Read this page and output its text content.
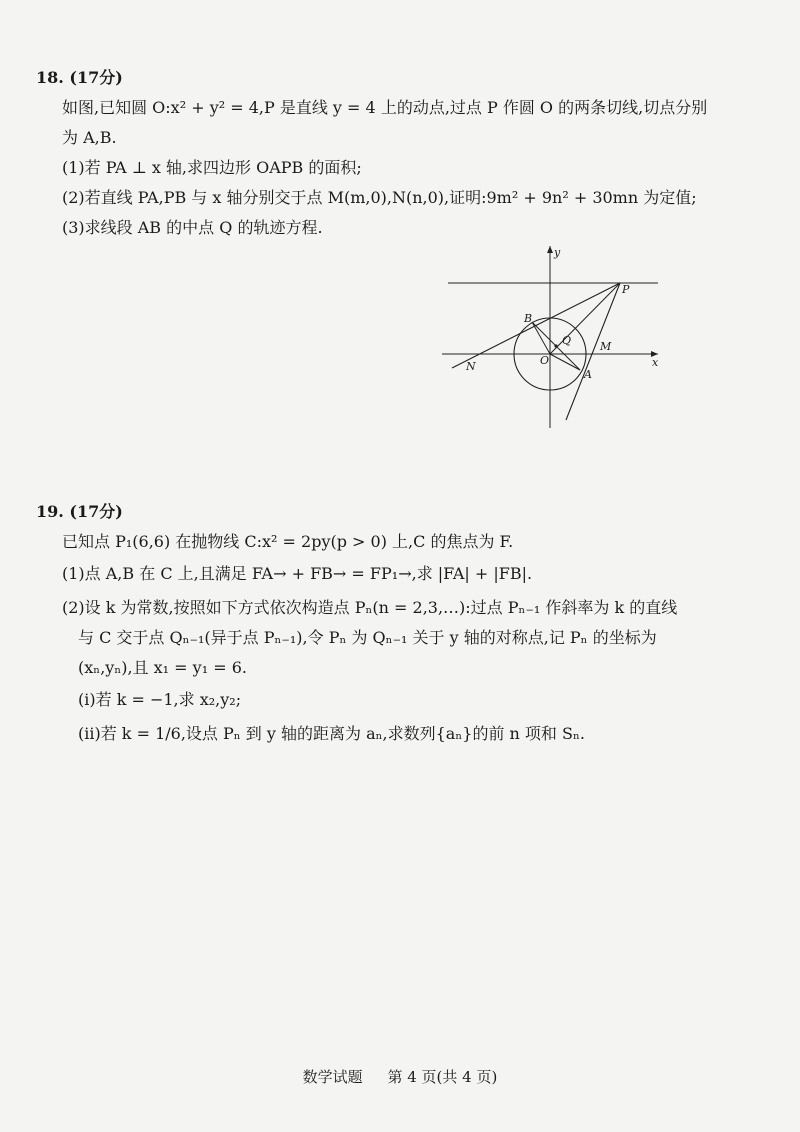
18. (17分)
如图,已知圆 O:x² + y² = 4,P 是直线 y = 4 上的动点,过点 P 作圆 O 的两条切线,切点分别
为 A,B.
(1)若 PA ⊥ x 轴,求四边形 OAPB 的面积;
(2)若直线 PA,PB 与 x 轴分别交于点 M(m,0),N(n,0),证明:9m² + 9n² + 30mn 为定值;
(3)求线段 AB 的中点 Q 的轨迹方程.
y
x
P
B
Q	M
O
N
A
19. (17分)
已知点 P₁(6,6) 在抛物线 C:x² = 2py(p > 0) 上,C 的焦点为 F.
(1)点 A,B 在 C 上,且满足 FA→ + FB→ = FP₁→,求 |FA| + |FB|.
(2)设 k 为常数,按照如下方式依次构造点 Pₙ(n = 2,3,…):过点 Pₙ₋₁ 作斜率为 k 的直线
与 C 交于点 Qₙ₋₁(异于点 Pₙ₋₁),令 Pₙ 为 Qₙ₋₁ 关于 y 轴的对称点,记 Pₙ 的坐标为
(xₙ,yₙ),且 x₁ = y₁ = 6.
(ⅰ)若 k = −1,求 x₂,y₂;
(ⅱ)若 k = 1/6,设点 Pₙ 到 y 轴的距离为 aₙ,求数列{aₙ}的前 n 项和 Sₙ.
数学试题 第 4 页(共 4 页)
